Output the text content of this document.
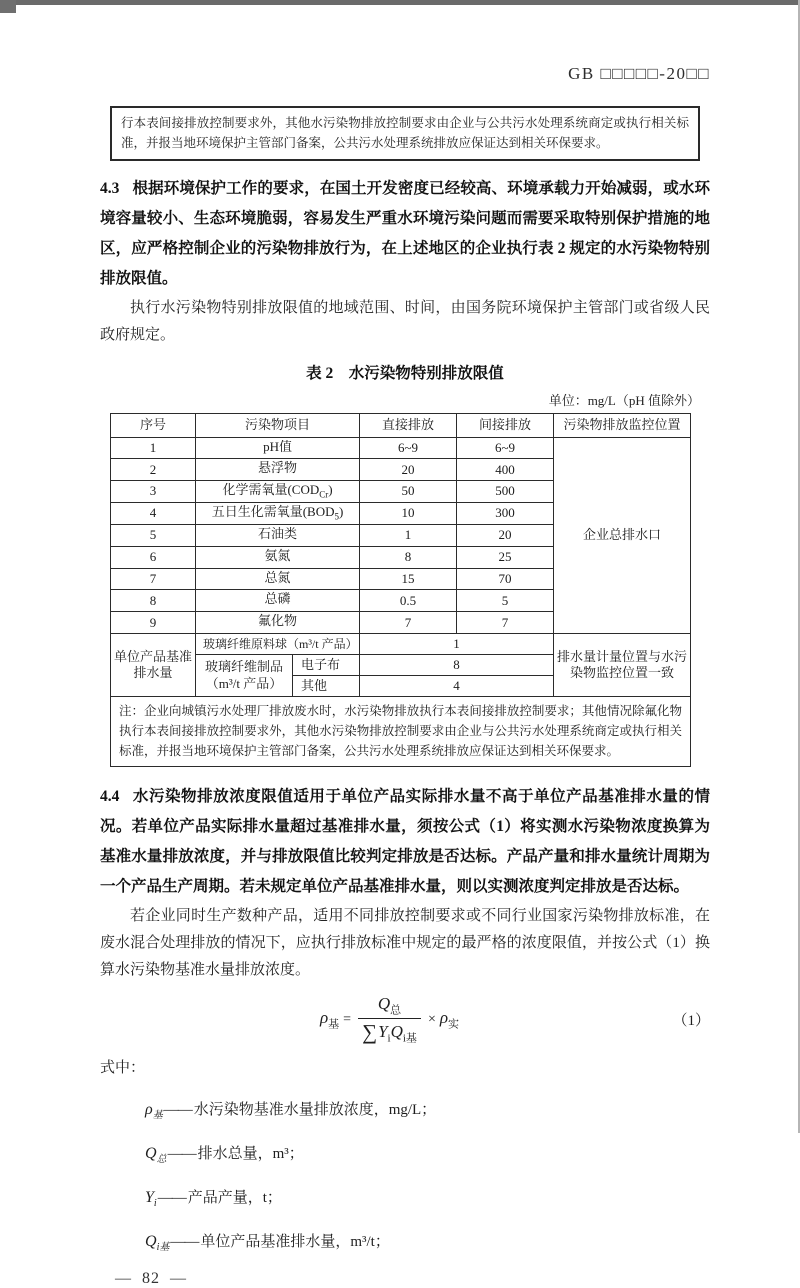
GB □□□□□-20□□
行本表间接排放控制要求外，其他水污染物排放控制要求由企业与公共污水处理系统商定或执行相关标准，并报当地环境保护主管部门备案，公共污水处理系统排放应保证达到相关环保要求。
4.3 根据环境保护工作的要求，在国土开发密度已经较高、环境承载力开始减弱，或水环境容量较小、生态环境脆弱，容易发生严重水环境污染问题而需要采取特别保护措施的地区，应严格控制企业的污染物排放行为，在上述地区的企业执行表 2 规定的水污染物特别排放限值。

执行水污染物特别排放限值的地域范围、时间，由国务院环境保护主管部门或省级人民政府规定。

表 2　水污染物特别排放限值
单位：mg/L（pH 值除外）
序号	污染物项目		直接排放	间接排放	污染物排放监控位置
1	pH值		6~9	6~9	企业总排水口
2	悬浮物		20	400	
3	化学需氧量$(COD_{Cr})$		50	500	
4	五日生化需氧量$(BOD_5)$		10	300	
5	石油类		1	20	
6	氨氮		8	25	
7	总氮		15	70	
8	总磷		0.5	5	
9	氟化物		7	7	
单位产品基准排水量	玻璃纤维原料球（m³/t 产品）		1		排水量计量位置与水污染物监控位置一致
	玻璃纤维制品（m³/t 产品）	电子布	8		
		其他	4		
注：企业向城镇污水处理厂排放废水时，水污染物排放执行本表间接排放控制要求；其他情况除氟化物执行本表间接排放控制要求外，其他水污染物排放控制要求由企业与公共污水处理系统商定或执行相关标准，并报当地环境保护主管部门备案，公共污水处理系统排放应保证达到相关环保要求。					
4.4 水污染物排放浓度限值适用于单位产品实际排水量不高于单位产品基准排水量的情况。若单位产品实际排水量超过基准排水量，须按公式（1）将实测水污染物浓度换算为基准水量排放浓度，并与排放限值比较判定排放是否达标。产品产量和排水量统计周期为一个产品生产周期。若未规定单位产品基准排水量，则以实测浓度判定排放是否达标。

若企业同时生产数种产品，适用不同排放控制要求或不同行业国家污染物排放标准，在废水混合处理排放的情况下，应执行排放标准中规定的最严格的浓度限值，并按公式（1）换算水污染物基准水量排放浓度。

$\rho_基 = \frac{Q_总}{\sum Y_iQ_{i基}} \times \rho_实$	（1）
式中：
$\rho_基——$ 水污染物基准水量排放浓度，mg/L；
$Q_总——$ 排水总量，m³；
$Y_i——$ 产品产量，t；
$Q_{i基}——$ 单位产品基准排水量，m³/t；
— 82 —
